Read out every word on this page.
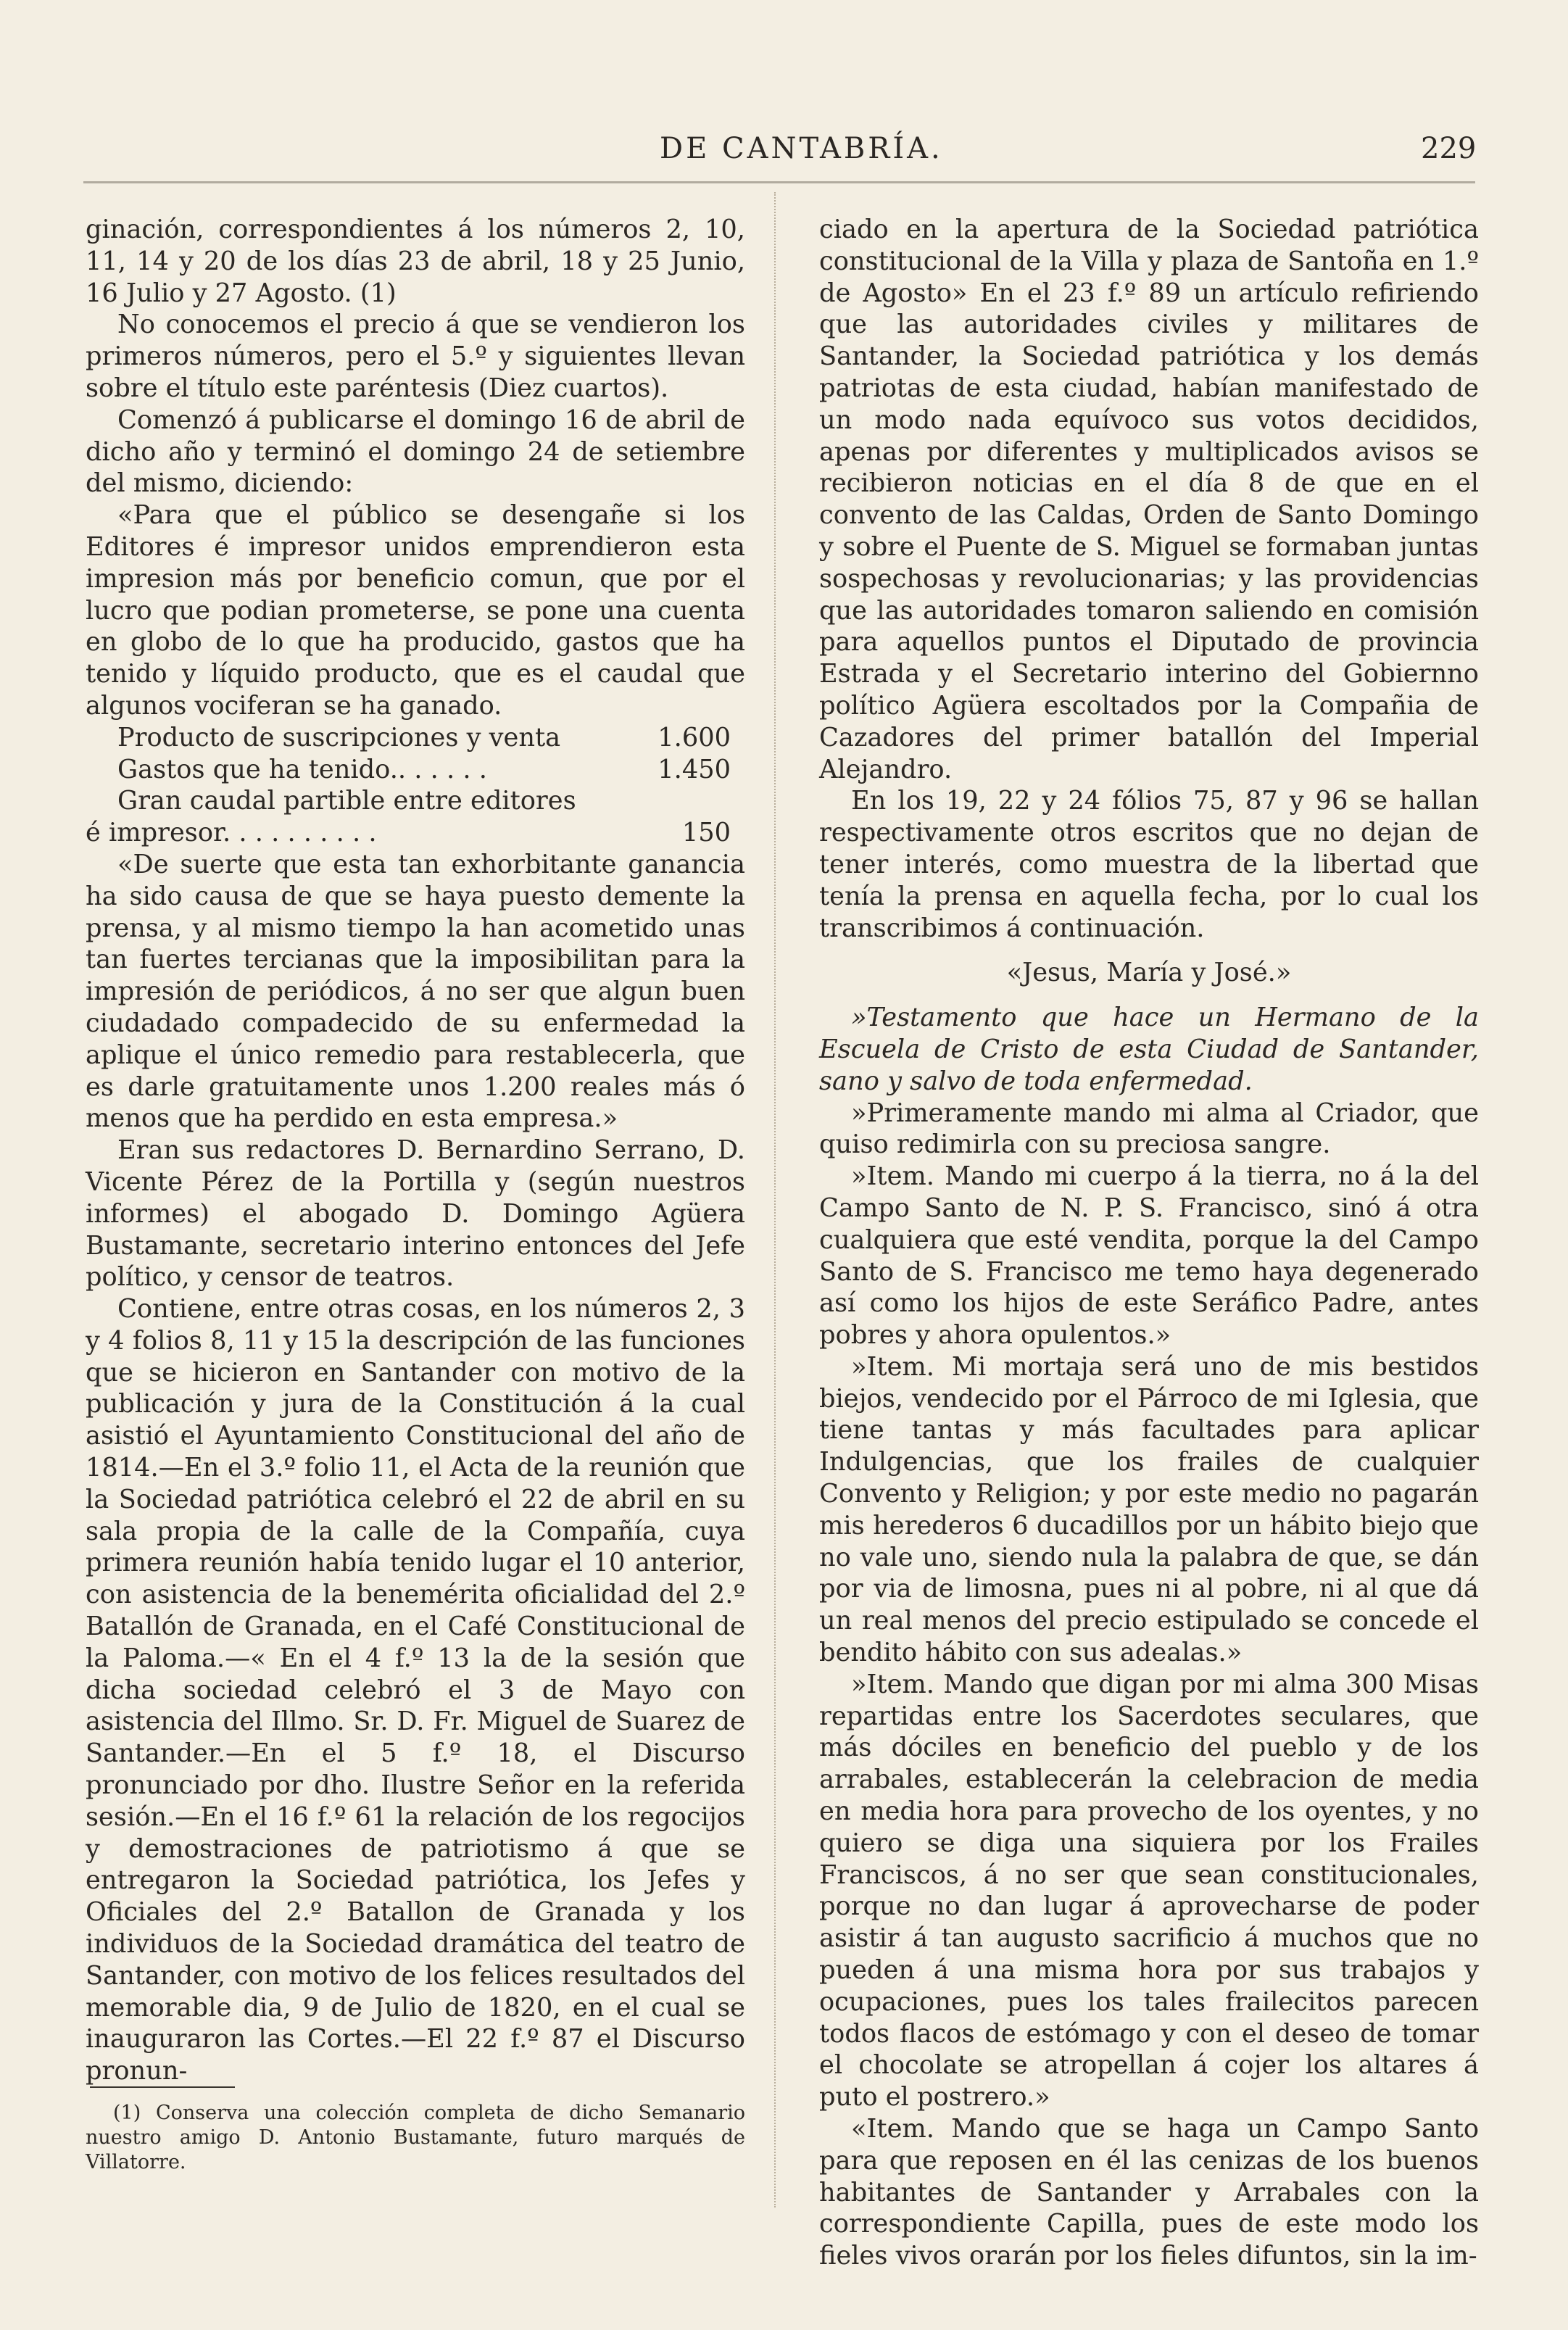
DE CANTABRÍA.	229

ginación, correspondientes á los números 2, 10, 11, 14 y 20 de los días 23 de abril, 18 y 25 Junio, 16 Julio y 27 Agosto. (1)

No conocemos el precio á que se vendieron los primeros números, pero el 5.º y siguientes llevan sobre el título este paréntesis (Diez cuartos).

Comenzó á publicarse el domingo 16 de abril de dicho año y terminó el domingo 24 de setiembre del mismo, diciendo:

«Para que el público se desengañe si los Editores é impresor unidos emprendieron esta impresion más por beneficio comun, que por el lucro que podian prometerse, se pone una cuenta en globo de lo que ha producido, gastos que ha tenido y líquido producto, que es el caudal que algunos vociferan se ha ganado.

Producto de suscripciones y venta	1.600
Gastos que ha tenido.. . . . . .	1.450
Gran caudal partible entre editores
é impresor. . . . . . . . . .	150

«De suerte que esta tan exhorbitante ganancia ha sido causa de que se haya puesto demente la prensa, y al mismo tiempo la han acometido unas tan fuertes tercianas que la imposibilitan para la impresión de periódicos, á no ser que algun buen ciudadado compadecido de su enfermedad la aplique el único remedio para restablecerla, que es darle gratuitamente unos 1.200 reales más ó menos que ha perdido en esta empresa.»

Eran sus redactores D. Bernardino Serrano, D. Vicente Pérez de la Portilla y (según nuestros informes) el abogado D. Domingo Agüera Bustamante, secretario interino entonces del Jefe político, y censor de teatros.

Contiene, entre otras cosas, en los números 2, 3 y 4 folios 8, 11 y 15 la descripción de las funciones que se hicieron en Santander con motivo de la publicación y jura de la Constitución á la cual asistió el Ayuntamiento Constitucional del año de 1814.—En el 3.º folio 11, el Acta de la reunión que la Sociedad patriótica celebró el 22 de abril en su sala propia de la calle de la Compañía, cuya primera reunión había tenido lugar el 10 anterior, con asistencia de la benemérita oficialidad del 2.º Batallón de Granada, en el Café Constitucional de la Paloma.—« En el 4 f.º 13 la de la sesión que dicha sociedad celebró el 3 de Mayo con asistencia del Illmo. Sr. D. Fr. Miguel de Suarez de Santander.—En el 5 f.º 18, el Discurso pronunciado por dho. Ilustre Señor en la referida sesión.—En el 16 f.º 61 la relación de los regocijos y demostraciones de patriotismo á que se entregaron la Sociedad patriótica, los Jefes y Oficiales del 2.º Batallon de Granada y los individuos de la Sociedad dramática del teatro de Santander, con motivo de los felices resultados del memorable dia, 9 de Julio de 1820, en el cual se inauguraron las Cortes.—El 22 f.º 87 el Discurso pronun-

(1) Conserva una colección completa de dicho Semanario nuestro amigo D. Antonio Bustamante, futuro marqués de Villatorre.

ciado en la apertura de la Sociedad patriótica constitucional de la Villa y plaza de Santoña en 1.º de Agosto» En el 23 f.º 89 un artículo refiriendo que las autoridades civiles y militares de Santander, la Sociedad patriótica y los demás patriotas de esta ciudad, habían manifestado de un modo nada equívoco sus votos decididos, apenas por diferentes y multiplicados avisos se recibieron noticias en el día 8 de que en el convento de las Caldas, Orden de Santo Domingo y sobre el Puente de S. Miguel se formaban juntas sospechosas y revolucionarias; y las providencias que las autoridades tomaron saliendo en comisión para aquellos puntos el Diputado de provincia Estrada y el Secretario interino del Gobiernno político Agüera escoltados por la Compañia de Cazadores del primer batallón del Imperial Alejandro.

En los 19, 22 y 24 fólios 75, 87 y 96 se hallan respectivamente otros escritos que no dejan de tener interés, como muestra de la libertad que tenía la prensa en aquella fecha, por lo cual los transcribimos á continuación.

«Jesus, María y José.»

»Testamento que hace un Hermano de la Escuela de Cristo de esta Ciudad de Santander, sano y salvo de toda enfermedad.

»Primeramente mando mi alma al Criador, que quiso redimirla con su preciosa sangre.

»Item. Mando mi cuerpo á la tierra, no á la del Campo Santo de N. P. S. Francisco, sinó á otra cualquiera que esté vendita, porque la del Campo Santo de S. Francisco me temo haya degenerado así como los hijos de este Seráfico Padre, antes pobres y ahora opulentos.»

»Item. Mi mortaja será uno de mis bestidos biejos, vendecido por el Párroco de mi Iglesia, que tiene tantas y más facultades para aplicar Indulgencias, que los frailes de cualquier Convento y Religion; y por este medio no pagarán mis herederos 6 ducadillos por un hábito biejo que no vale uno, siendo nula la palabra de que, se dán por via de limosna, pues ni al pobre, ni al que dá un real menos del precio estipulado se concede el bendito hábito con sus adealas.»

»Item. Mando que digan por mi alma 300 Misas repartidas entre los Sacerdotes seculares, que más dóciles en beneficio del pueblo y de los arrabales, establecerán la celebracion de media en media hora para provecho de los oyentes, y no quiero se diga una siquiera por los Frailes Franciscos, á no ser que sean constitucionales, porque no dan lugar á aprovecharse de poder asistir á tan augusto sacrificio á muchos que no pueden á una misma hora por sus trabajos y ocupaciones, pues los tales frailecitos parecen todos flacos de estómago y con el deseo de tomar el chocolate se atropellan á cojer los altares á puto el postrero.»

«Item. Mando que se haga un Campo Santo para que reposen en él las cenizas de los buenos habitantes de Santander y Arrabales con la correspondiente Capilla, pues de este modo los fieles vivos orarán por los fieles difuntos, sin la im-
